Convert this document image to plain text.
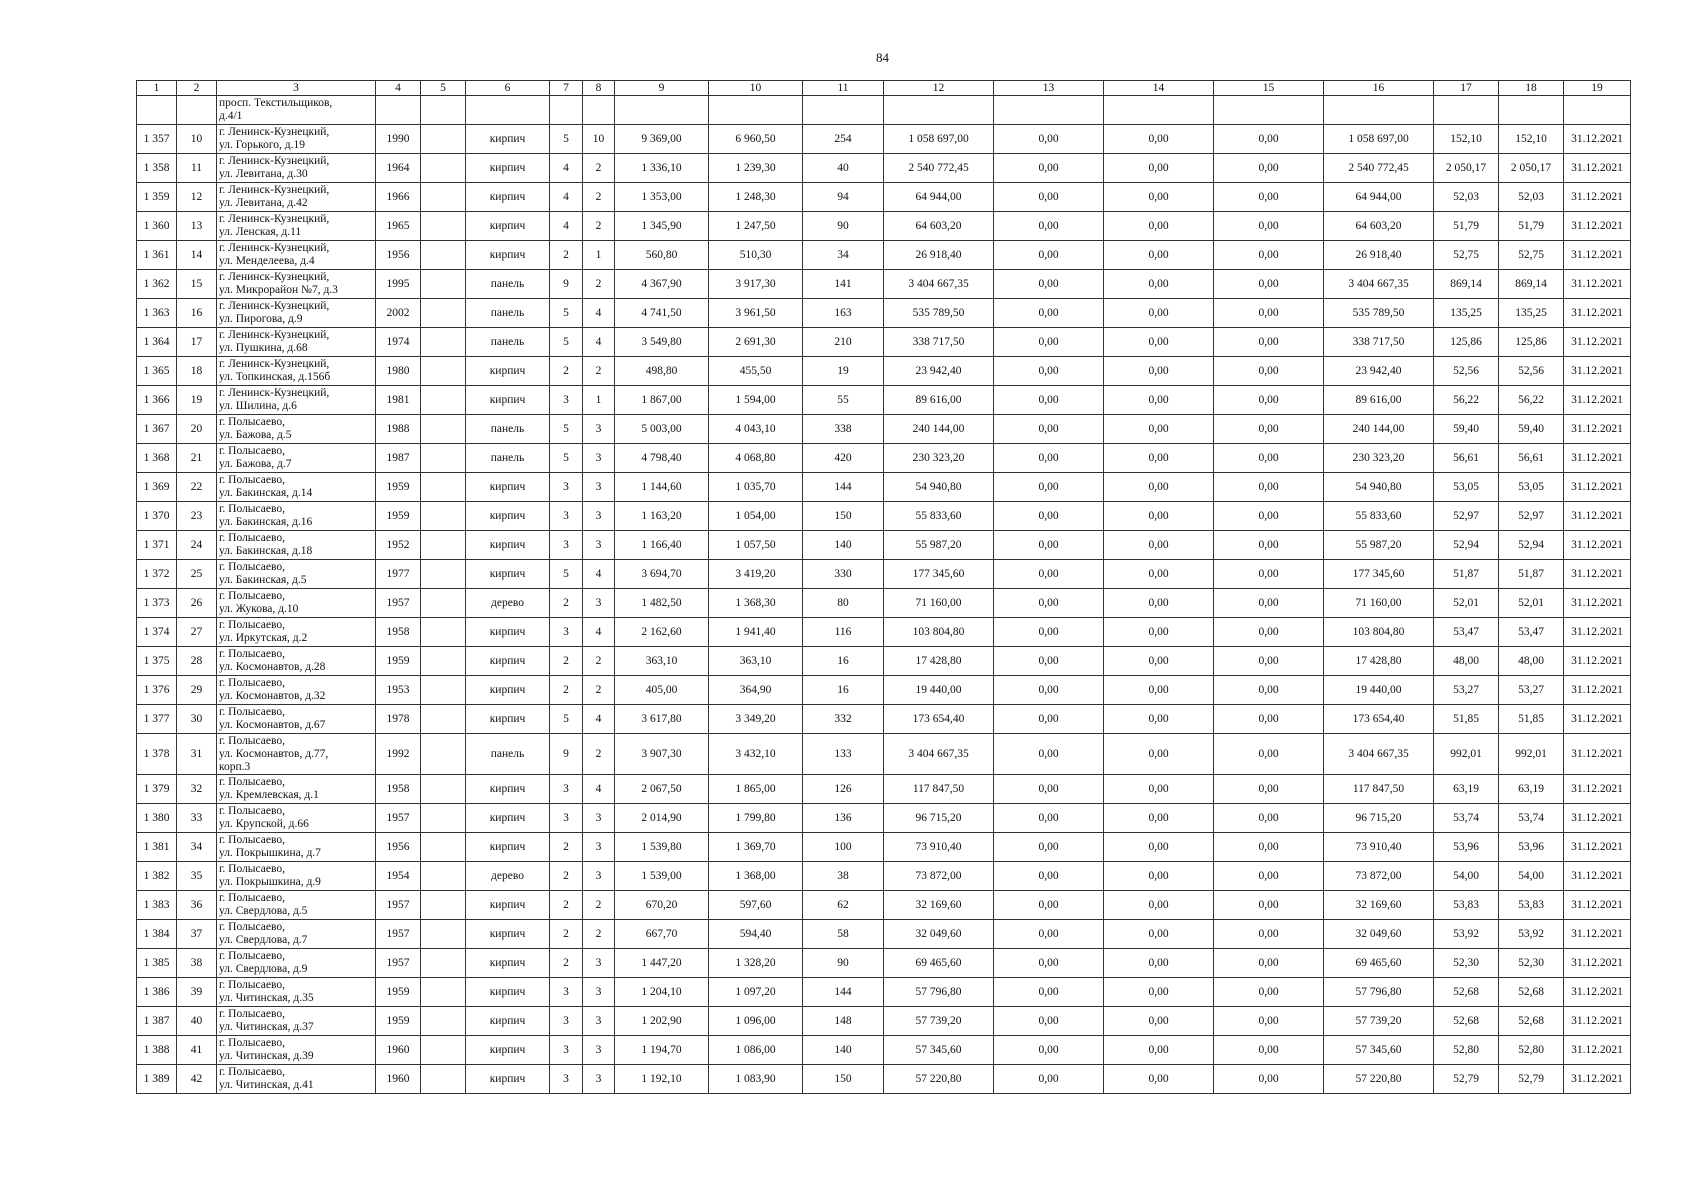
84
1	2	3	4	5	6	7	8	9	10	11	12	13	14	15	16	17	18	19
		просп. Текстильщиков,
д.4/1																
1 357	10	г. Ленинск-Кузнецкий,
ул. Горького, д.19	1990		кирпич	5	10	9 369,00	6 960,50	254	1 058 697,00	0,00	0,00	0,00	1 058 697,00	152,10	152,10	31.12.2021
1 358	11	г. Ленинск-Кузнецкий,
ул. Левитана, д.30	1964		кирпич	4	2	1 336,10	1 239,30	40	2 540 772,45	0,00	0,00	0,00	2 540 772,45	2 050,17	2 050,17	31.12.2021
1 359	12	г. Ленинск-Кузнецкий,
ул. Левитана, д.42	1966		кирпич	4	2	1 353,00	1 248,30	94	64 944,00	0,00	0,00	0,00	64 944,00	52,03	52,03	31.12.2021
1 360	13	г. Ленинск-Кузнецкий,
ул. Ленская, д.11	1965		кирпич	4	2	1 345,90	1 247,50	90	64 603,20	0,00	0,00	0,00	64 603,20	51,79	51,79	31.12.2021
1 361	14	г. Ленинск-Кузнецкий,
ул. Менделеева, д.4	1956		кирпич	2	1	560,80	510,30	34	26 918,40	0,00	0,00	0,00	26 918,40	52,75	52,75	31.12.2021
1 362	15	г. Ленинск-Кузнецкий,
ул. Микрорайон №7, д.3	1995		панель	9	2	4 367,90	3 917,30	141	3 404 667,35	0,00	0,00	0,00	3 404 667,35	869,14	869,14	31.12.2021
1 363	16	г. Ленинск-Кузнецкий,
ул. Пирогова, д.9	2002		панель	5	4	4 741,50	3 961,50	163	535 789,50	0,00	0,00	0,00	535 789,50	135,25	135,25	31.12.2021
1 364	17	г. Ленинск-Кузнецкий,
ул. Пушкина, д.68	1974		панель	5	4	3 549,80	2 691,30	210	338 717,50	0,00	0,00	0,00	338 717,50	125,86	125,86	31.12.2021
1 365	18	г. Ленинск-Кузнецкий,
ул. Топкинская, д.156б	1980		кирпич	2	2	498,80	455,50	19	23 942,40	0,00	0,00	0,00	23 942,40	52,56	52,56	31.12.2021
1 366	19	г. Ленинск-Кузнецкий,
ул. Шилина, д.6	1981		кирпич	3	1	1 867,00	1 594,00	55	89 616,00	0,00	0,00	0,00	89 616,00	56,22	56,22	31.12.2021
1 367	20	г. Полысаево,
ул. Бажова, д.5	1988		панель	5	3	5 003,00	4 043,10	338	240 144,00	0,00	0,00	0,00	240 144,00	59,40	59,40	31.12.2021
1 368	21	г. Полысаево,
ул. Бажова, д.7	1987		панель	5	3	4 798,40	4 068,80	420	230 323,20	0,00	0,00	0,00	230 323,20	56,61	56,61	31.12.2021
1 369	22	г. Полысаево,
ул. Бакинская, д.14	1959		кирпич	3	3	1 144,60	1 035,70	144	54 940,80	0,00	0,00	0,00	54 940,80	53,05	53,05	31.12.2021
1 370	23	г. Полысаево,
ул. Бакинская, д.16	1959		кирпич	3	3	1 163,20	1 054,00	150	55 833,60	0,00	0,00	0,00	55 833,60	52,97	52,97	31.12.2021
1 371	24	г. Полысаево,
ул. Бакинская, д.18	1952		кирпич	3	3	1 166,40	1 057,50	140	55 987,20	0,00	0,00	0,00	55 987,20	52,94	52,94	31.12.2021
1 372	25	г. Полысаево,
ул. Бакинская, д.5	1977		кирпич	5	4	3 694,70	3 419,20	330	177 345,60	0,00	0,00	0,00	177 345,60	51,87	51,87	31.12.2021
1 373	26	г. Полысаево,
ул. Жукова, д.10	1957		дерево	2	3	1 482,50	1 368,30	80	71 160,00	0,00	0,00	0,00	71 160,00	52,01	52,01	31.12.2021
1 374	27	г. Полысаево,
ул. Иркутская, д.2	1958		кирпич	3	4	2 162,60	1 941,40	116	103 804,80	0,00	0,00	0,00	103 804,80	53,47	53,47	31.12.2021
1 375	28	г. Полысаево,
ул. Космонавтов, д.28	1959		кирпич	2	2	363,10	363,10	16	17 428,80	0,00	0,00	0,00	17 428,80	48,00	48,00	31.12.2021
1 376	29	г. Полысаево,
ул. Космонавтов, д.32	1953		кирпич	2	2	405,00	364,90	16	19 440,00	0,00	0,00	0,00	19 440,00	53,27	53,27	31.12.2021
1 377	30	г. Полысаево,
ул. Космонавтов, д.67	1978		кирпич	5	4	3 617,80	3 349,20	332	173 654,40	0,00	0,00	0,00	173 654,40	51,85	51,85	31.12.2021
1 378	31	г. Полысаево,
ул. Космонавтов, д.77,
корп.3	1992		панель	9	2	3 907,30	3 432,10	133	3 404 667,35	0,00	0,00	0,00	3 404 667,35	992,01	992,01	31.12.2021
1 379	32	г. Полысаево,
ул. Кремлевская, д.1	1958		кирпич	3	4	2 067,50	1 865,00	126	117 847,50	0,00	0,00	0,00	117 847,50	63,19	63,19	31.12.2021
1 380	33	г. Полысаево,
ул. Крупской, д.66	1957		кирпич	3	3	2 014,90	1 799,80	136	96 715,20	0,00	0,00	0,00	96 715,20	53,74	53,74	31.12.2021
1 381	34	г. Полысаево,
ул. Покрышкина, д.7	1956		кирпич	2	3	1 539,80	1 369,70	100	73 910,40	0,00	0,00	0,00	73 910,40	53,96	53,96	31.12.2021
1 382	35	г. Полысаево,
ул. Покрышкина, д.9	1954		дерево	2	3	1 539,00	1 368,00	38	73 872,00	0,00	0,00	0,00	73 872,00	54,00	54,00	31.12.2021
1 383	36	г. Полысаево,
ул. Свердлова, д.5	1957		кирпич	2	2	670,20	597,60	62	32 169,60	0,00	0,00	0,00	32 169,60	53,83	53,83	31.12.2021
1 384	37	г. Полысаево,
ул. Свердлова, д.7	1957		кирпич	2	2	667,70	594,40	58	32 049,60	0,00	0,00	0,00	32 049,60	53,92	53,92	31.12.2021
1 385	38	г. Полысаево,
ул. Свердлова, д.9	1957		кирпич	2	3	1 447,20	1 328,20	90	69 465,60	0,00	0,00	0,00	69 465,60	52,30	52,30	31.12.2021
1 386	39	г. Полысаево,
ул. Читинская, д.35	1959		кирпич	3	3	1 204,10	1 097,20	144	57 796,80	0,00	0,00	0,00	57 796,80	52,68	52,68	31.12.2021
1 387	40	г. Полысаево,
ул. Читинская, д.37	1959		кирпич	3	3	1 202,90	1 096,00	148	57 739,20	0,00	0,00	0,00	57 739,20	52,68	52,68	31.12.2021
1 388	41	г. Полысаево,
ул. Читинская, д.39	1960		кирпич	3	3	1 194,70	1 086,00	140	57 345,60	0,00	0,00	0,00	57 345,60	52,80	52,80	31.12.2021
1 389	42	г. Полысаево,
ул. Читинская, д.41	1960		кирпич	3	3	1 192,10	1 083,90	150	57 220,80	0,00	0,00	0,00	57 220,80	52,79	52,79	31.12.2021
